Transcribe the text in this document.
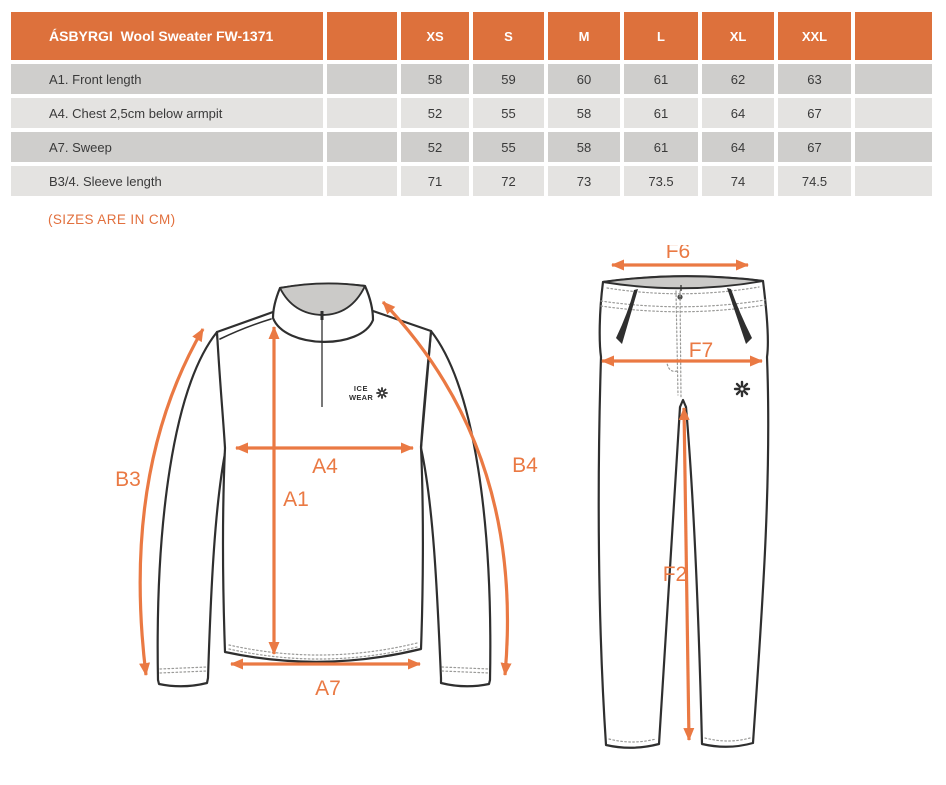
ÁSBYRGI  Wool Sweater FW-1371	XS	S	M	L	XL	XXL
A1. Front length	58	59	60	61	62	63
A4. Chest 2,5cm below armpit	52	55	58	61	64	67
A7. Sweep	52	55	58	61	64	67
B3/4. Sleeve length	71	72	73	73.5	74	74.5
(SIZES ARE IN CM)
ICE
WEAR
B3
A4
A1
B4
A7
F6
F7
F2
